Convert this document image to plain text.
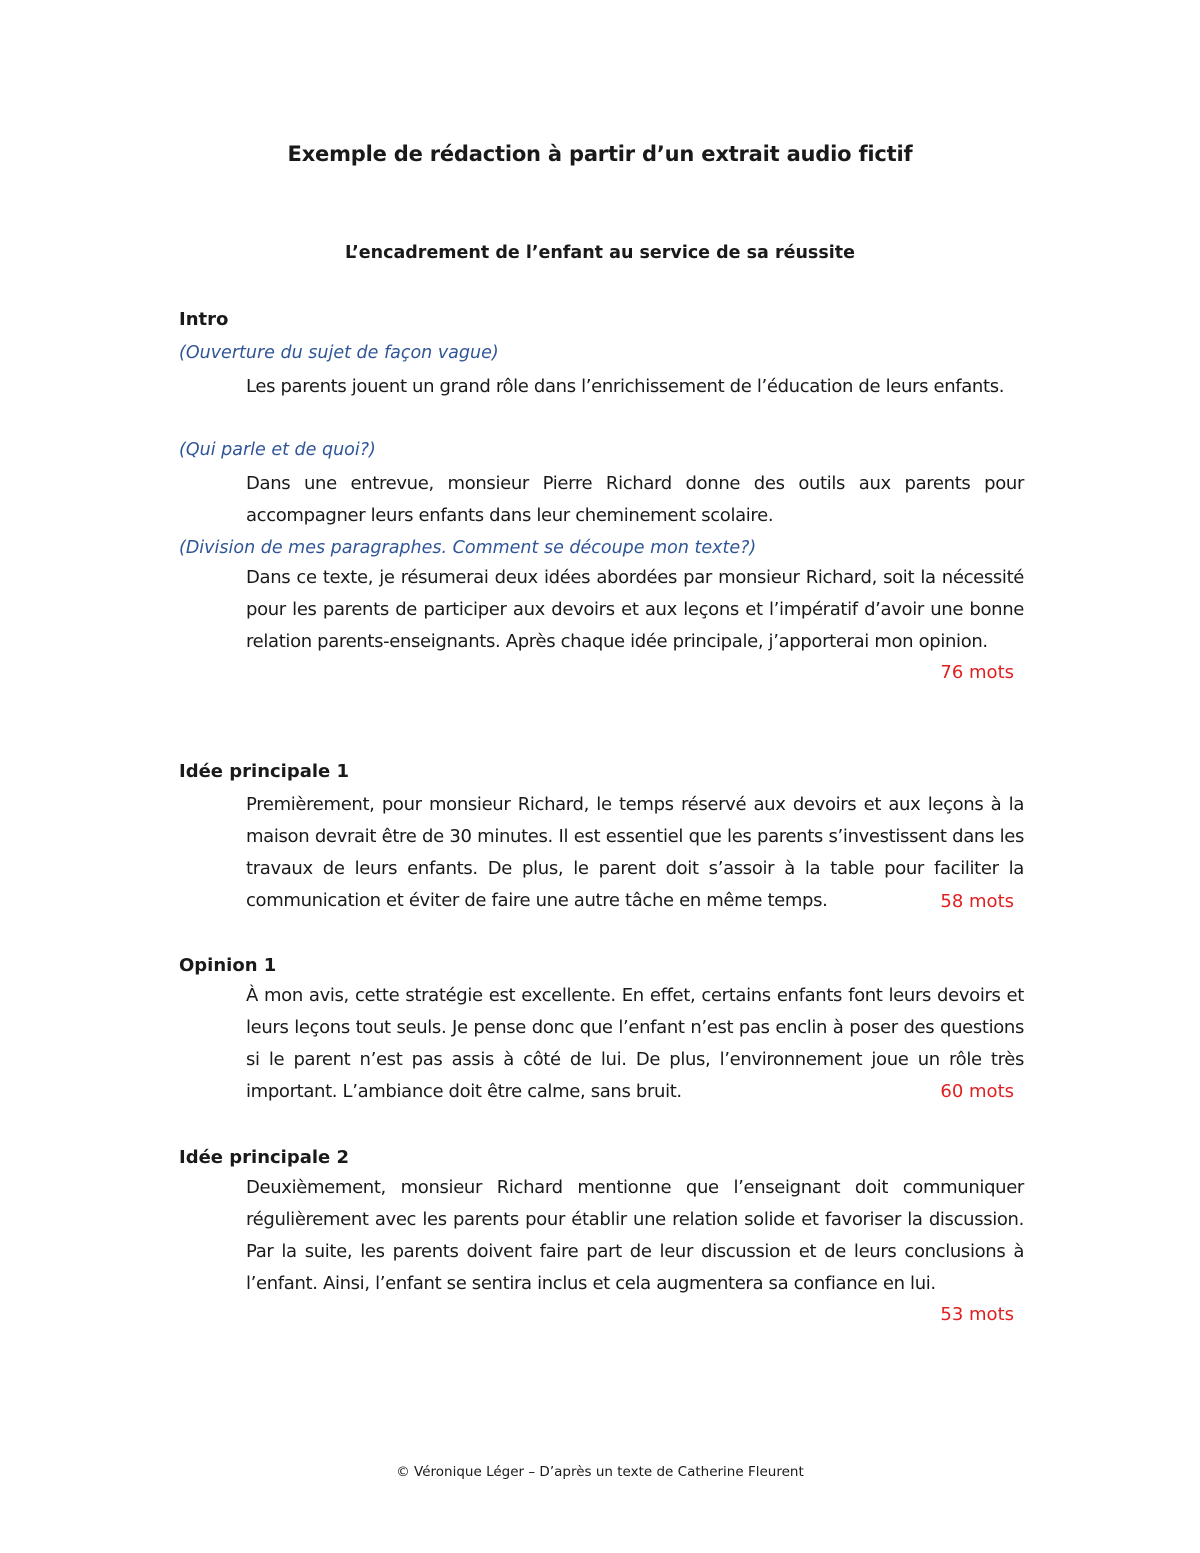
Exemple de rédaction à partir d’un extrait audio fictif
L’encadrement de l’enfant au service de sa réussite
Intro
(Ouverture du sujet de façon vague)
Les parents jouent un grand rôle dans l’enrichissement de l’éducation de leurs enfants.
(Qui parle et de quoi?)
Dans une entrevue, monsieur Pierre Richard donne des outils aux parents pour accompagner leurs enfants dans leur cheminement scolaire.
(Division de mes paragraphes. Comment se découpe mon texte?)
Dans ce texte, je résumerai deux idées abordées par monsieur Richard, soit la nécessité pour les parents de participer aux devoirs et aux leçons et l’impératif d’avoir une bonne relation parents-enseignants. Après chaque idée principale, j’apporterai mon opinion.
76 mots
Idée principale 1
Premièrement, pour monsieur Richard, le temps réservé aux devoirs et aux leçons à la maison devrait être de 30 minutes. Il est essentiel que les parents s’investissent dans les travaux de leurs enfants. De plus, le parent doit s’assoir à la table pour faciliter la communication et éviter de faire une autre tâche en même temps.	58 mots
Opinion 1
À mon avis, cette stratégie est excellente. En effet, certains enfants font leurs devoirs et leurs leçons tout seuls. Je pense donc que l’enfant n’est pas enclin à poser des questions si le parent n’est pas assis à côté de lui. De plus, l’environnement joue un rôle très important. L’ambiance doit être calme, sans bruit.	60 mots
Idée principale 2
Deuxièmement, monsieur Richard mentionne que l’enseignant doit communiquer régulièrement avec les parents pour établir une relation solide et favoriser la discussion. Par la suite, les parents doivent faire part de leur discussion et de leurs conclusions à l’enfant. Ainsi, l’enfant se sentira inclus et cela augmentera sa confiance en lui.
53 mots
© Véronique Léger – D’après un texte de Catherine Fleurent
